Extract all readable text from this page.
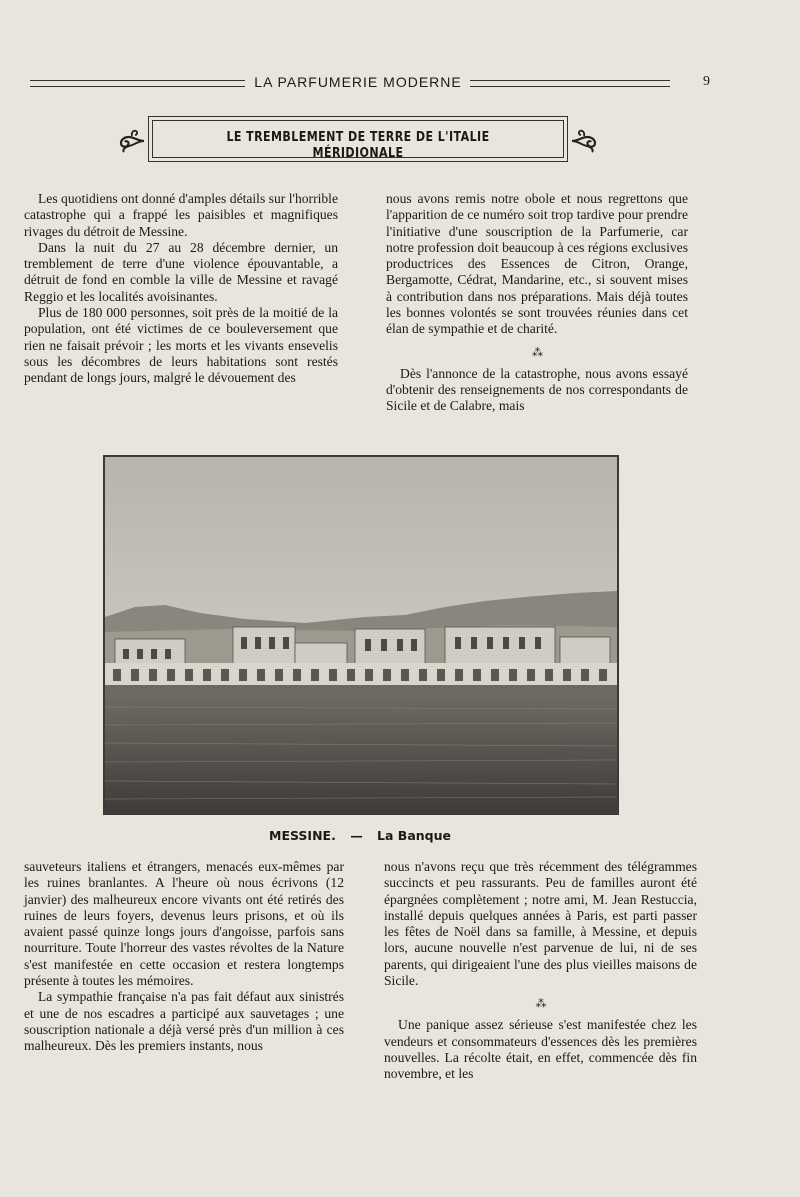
LA PARFUMERIE MODERNE	9
LE TREMBLEMENT DE TERRE DE L'ITALIE MÉRIDIONALE

Les quotidiens ont donné d'amples détails sur l'horrible catastrophe qui a frappé les paisibles et magnifiques rivages du détroit de Messine.

Dans la nuit du 27 au 28 décembre dernier, un tremblement de terre d'une violence épouvantable, a détruit de fond en comble la ville de Messine et ravagé Reggio et les localités avoisinantes.

Plus de 180 000 personnes, soit près de la moitié de la population, ont été victimes de ce bouleversement que rien ne faisait prévoir ; les morts et les vivants ensevelis sous les décombres de leurs habitations sont restés pendant de longs jours, malgré le dévouement des

nous avons remis notre obole et nous regrettons que l'apparition de ce numéro soit trop tardive pour prendre l'initiative d'une souscription de la Parfumerie, car notre profession doit beaucoup à ces régions exclusives productrices des Essences de Citron, Orange, Bergamotte, Cédrat, Mandarine, etc., si souvent mises à contribution dans nos préparations. Mais déjà toutes les bonnes volontés se sont trouvées réunies dans cet élan de sympathie et de charité.

⁂

Dès l'annonce de la catastrophe, nous avons essayé d'obtenir des renseignements de nos correspondants de Sicile et de Calabre, mais

MESSINE. — La Banque

sauveteurs italiens et étrangers, menacés eux-mêmes par les ruines branlantes. A l'heure où nous écrivons (12 janvier) des malheureux encore vivants ont été retirés des ruines de leurs foyers, devenus leurs prisons, et où ils avaient passé quinze longs jours d'angoisse, parfois sans nourriture. Toute l'horreur des vastes révoltes de la Nature s'est manifestée en cette occasion et restera longtemps présente à toutes les mémoires.

La sympathie française n'a pas fait défaut aux sinistrés et une de nos escadres a participé aux sauvetages ; une souscription nationale a déjà versé près d'un million à ces malheureux. Dès les premiers instants, nous

nous n'avons reçu que très récemment des télégrammes succincts et peu rassurants. Peu de familles auront été épargnées complètement ; notre ami, M. Jean Restuccia, installé depuis quelques années à Paris, est parti passer les fêtes de Noël dans sa famille, à Messine, et depuis lors, aucune nouvelle n'est parvenue de lui, ni de ses parents, qui dirigeaient l'une des plus vieilles maisons de Sicile.

⁂

Une panique assez sérieuse s'est manifestée chez les vendeurs et consommateurs d'essences dès les premières nouvelles. La récolte était, en effet, commencée dès fin novembre, et les
